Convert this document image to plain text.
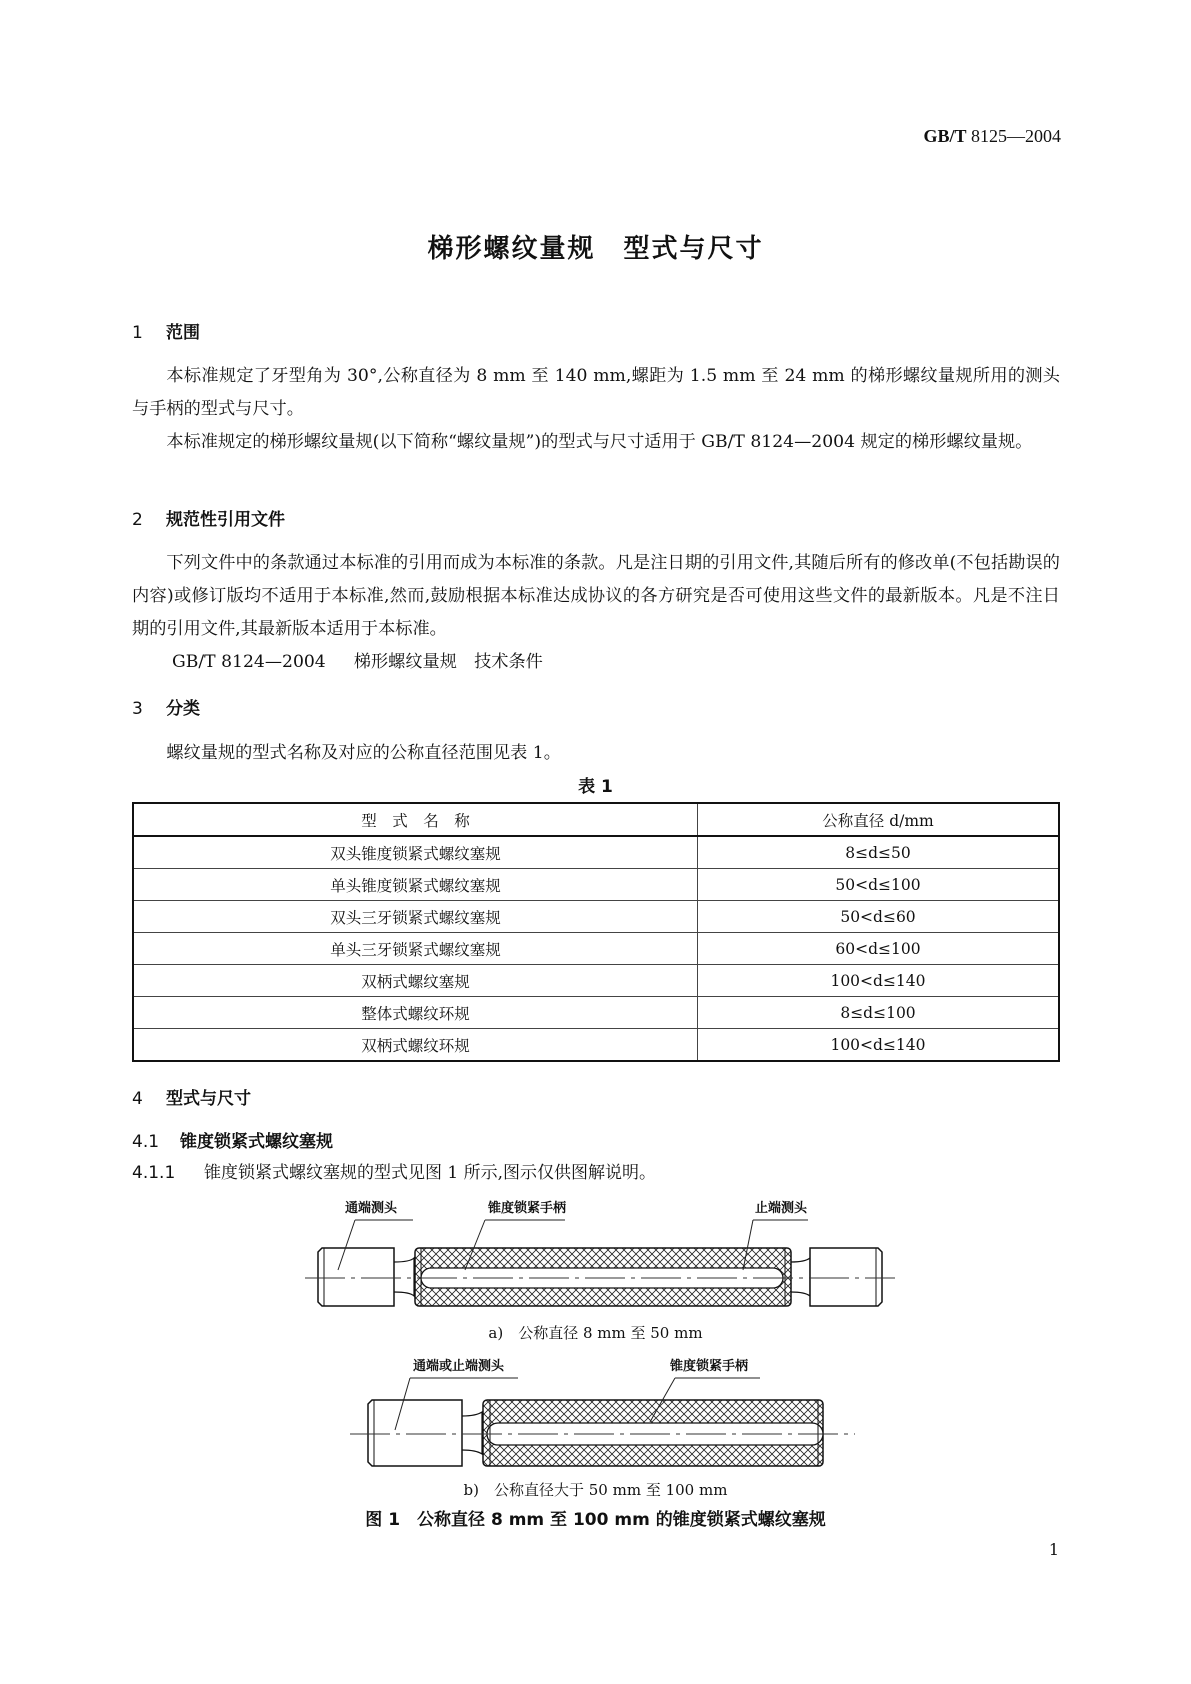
GB/T 8125—2004
梯形螺纹量规　型式与尺寸
1 范围

本标准规定了牙型角为 30°,公称直径为 8 mm 至 140 mm,螺距为 1.5 mm 至 24 mm 的梯形螺纹量规所用的测头与手柄的型式与尺寸。

本标准规定的梯形螺纹量规(以下简称“螺纹量规”)的型式与尺寸适用于 GB/T 8124—2004 规定的梯形螺纹量规。

2 规范性引用文件

下列文件中的条款通过本标准的引用而成为本标准的条款。凡是注日期的引用文件,其随后所有的修改单(不包括勘误的内容)或修订版均不适用于本标准,然而,鼓励根据本标准达成协议的各方研究是否可使用这些文件的最新版本。凡是不注日期的引用文件,其最新版本适用于本标准。

GB/T 8124—2004 梯形螺纹量规　技术条件
3 分类

螺纹量规的型式名称及对应的公称直径范围见表 1。

表 1
型　式　名　称	公称直径 d/mm
双头锥度锁紧式螺纹塞规	8≤d≤50
单头锥度锁紧式螺纹塞规	50<d≤100
双头三牙锁紧式螺纹塞规	50<d≤60
单头三牙锁紧式螺纹塞规	60<d≤100
双柄式螺纹塞规	100<d≤140
整体式螺纹环规	8≤d≤100
双柄式螺纹环规	100<d≤140
4 型式与尺寸
4.1 锥度锁紧式螺纹塞规
4.1.1 锥度锁紧式螺纹塞规的型式见图 1 所示,图示仅供图解说明。
通端测头	锥度锁紧手柄	止端测头
a)　公称直径 8 mm 至 50 mm
通端或止端测头	锥度锁紧手柄
b)　公称直径大于 50 mm 至 100 mm
图 1　公称直径 8 mm 至 100 mm 的锥度锁紧式螺纹塞规
1
